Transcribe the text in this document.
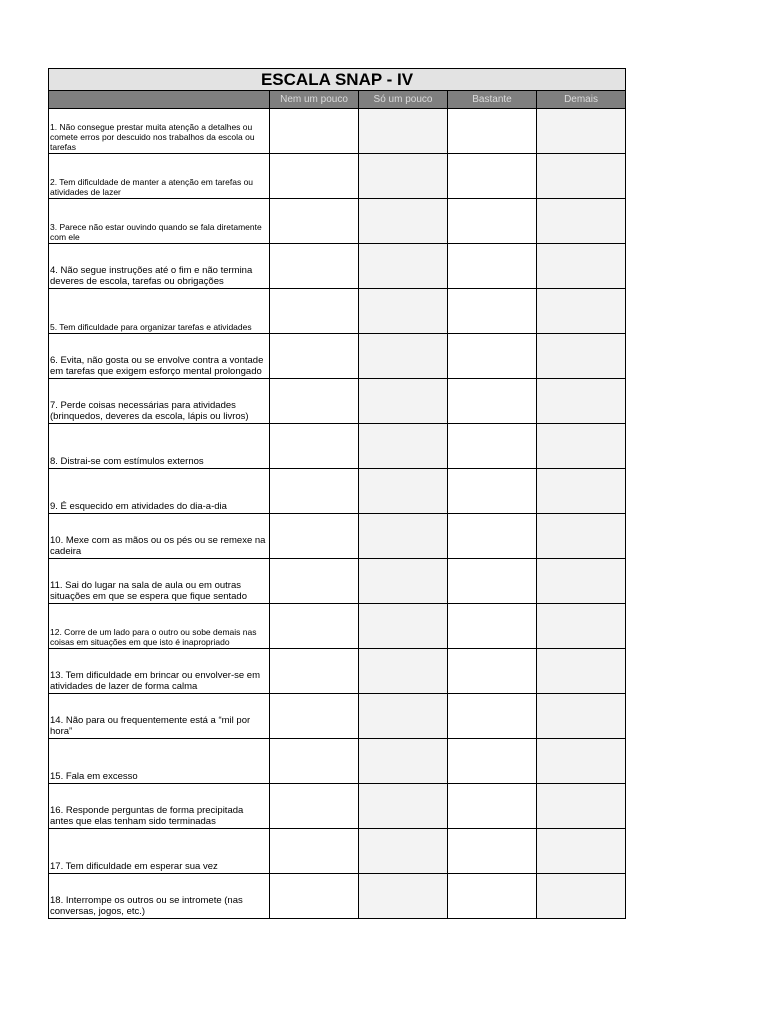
ESCALA SNAP - IV				
	Nem um pouco	Só um pouco	Bastante	Demais
1. Não consegue prestar muita atenção a detalhes ou comete erros por descuido nos trabalhos da escola ou tarefas				
2. Tem dificuldade de manter a atenção em tarefas ou atividades de lazer				
3. Parece não estar ouvindo quando se fala diretamente com ele				
4. Não segue instruções até o fim e não termina deveres de escola, tarefas ou obrigações				
5. Tem dificuldade para organizar tarefas e atividades				
6. Evita, não gosta ou se envolve contra a vontade em tarefas que exigem esforço mental prolongado				
7. Perde coisas necessárias para atividades (brinquedos, deveres da escola, lápis ou livros)				
8. Distrai-se com estímulos externos				
9. É esquecido em atividades do dia-a-dia				
10. Mexe com as mãos ou os pés ou se remexe na cadeira				
11. Sai do lugar na sala de aula ou em outras situações em que se espera que fique sentado				
12. Corre de um lado para o outro ou sobe demais nas coisas em situações em que isto é inapropriado				
13. Tem dificuldade em brincar ou envolver-se em atividades de lazer de forma calma				
14. Não para ou frequentemente está a “mil por hora”				
15. Fala em excesso				
16. Responde perguntas de forma precipitada antes que elas tenham sido terminadas				
17. Tem dificuldade em esperar sua vez				
18. Interrompe os outros ou se intromete (nas conversas, jogos, etc.)				
